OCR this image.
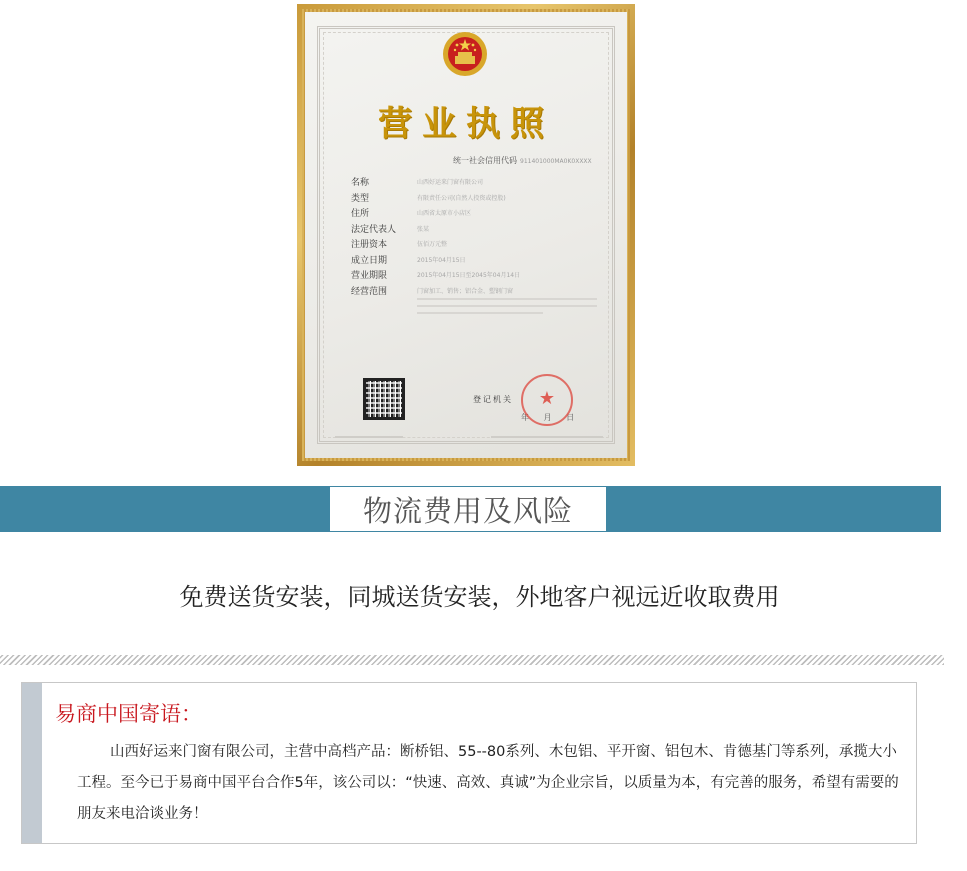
营业执照
统一社会信用代码 911401000MA0K0XXXX
名称	山西好运来门窗有限公司
类型	有限责任公司(自然人投资或控股)
住所	山西省太原市小店区
法定代表人	张某
注册资本	伍佰万元整
成立日期	2015年04月15日
营业期限	2015年04月15日至2045年04月14日
经营范围	门窗加工、销售；铝合金、塑钢门窗
登记机关
年 月 日
★
物流费用及风险
免费送货安装，同城送货安装，外地客户视远近收取费用
易商中国寄语：
山西好运来门窗有限公司，主营中高档产品：断桥铝、55--80系列、木包铝、平开窗、铝包木、肯德基门等系列，承揽大小工程。至今已于易商中国平台合作5年，该公司以：“快速、高效、真诚”为企业宗旨，以质量为本，有完善的服务，希望有需要的朋友来电洽谈业务！
